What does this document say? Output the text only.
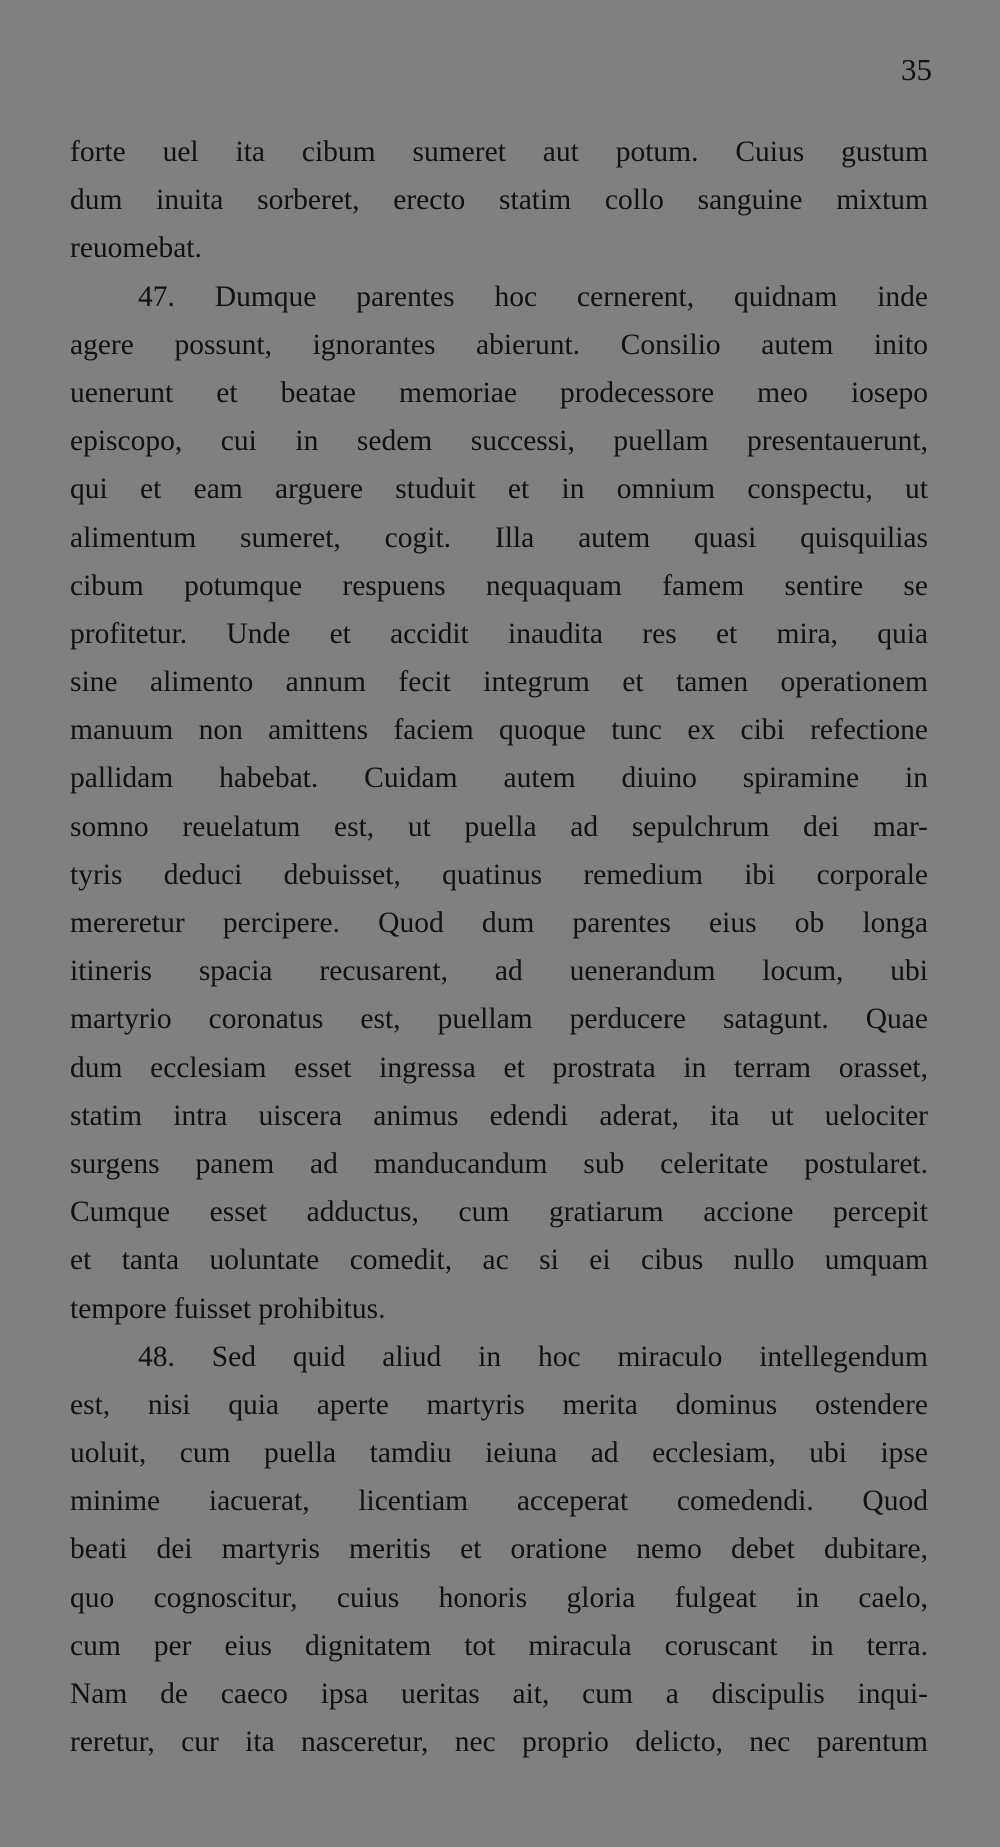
35
forte uel ita cibum sumeret aut potum. Cuius gustum
dum inuita sorberet, erecto statim collo sanguine mixtum
reuomebat.
47. Dumque parentes hoc cernerent, quidnam inde
agere possunt, ignorantes abierunt. Consilio autem inito
uenerunt et beatae memoriae prodecessore meo iosepo
episcopo, cui in sedem successi, puellam presentauerunt,
qui et eam arguere studuit et in omnium conspectu, ut
alimentum sumeret, cogit. Illa autem quasi quisquilias
cibum potumque respuens nequaquam famem sentire se
profitetur. Unde et accidit inaudita res et mira, quia
sine alimento annum fecit integrum et tamen operationem
manuum non amittens faciem quoque tunc ex cibi refectione
pallidam habebat. Cuidam autem diuino spiramine in
somno reuelatum est, ut puella ad sepulchrum dei mar-
tyris deduci debuisset, quatinus remedium ibi corporale
mereretur percipere. Quod dum parentes eius ob longa
itineris spacia recusarent, ad uenerandum locum, ubi
martyrio coronatus est, puellam perducere satagunt. Quae
dum ecclesiam esset ingressa et prostrata in terram orasset,
statim intra uiscera animus edendi aderat, ita ut uelociter
surgens panem ad manducandum sub celeritate postularet.
Cumque esset adductus, cum gratiarum accione percepit
et tanta uoluntate comedit, ac si ei cibus nullo umquam
tempore fuisset prohibitus.
48. Sed quid aliud in hoc miraculo intellegendum
est, nisi quia aperte martyris merita dominus ostendere
uoluit, cum puella tamdiu ieiuna ad ecclesiam, ubi ipse
minime iacuerat, licentiam acceperat comedendi. Quod
beati dei martyris meritis et oratione nemo debet dubitare,
quo cognoscitur, cuius honoris gloria fulgeat in caelo,
cum per eius dignitatem tot miracula coruscant in terra.
Nam de caeco ipsa ueritas ait, cum a discipulis inqui-
reretur, cur ita nasceretur, nec proprio delicto, nec parentum
